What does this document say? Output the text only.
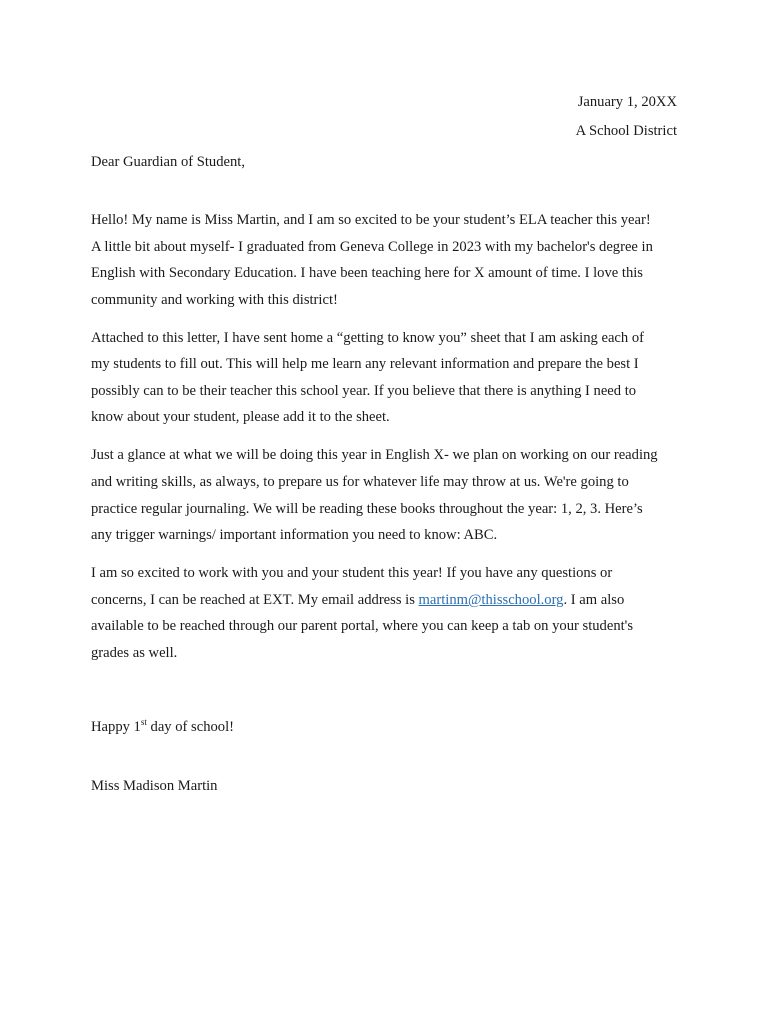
January 1, 20XX
A School District
Dear Guardian of Student,
Hello! My name is Miss Martin, and I am so excited to be your student’s ELA teacher this year!
A little bit about myself- I graduated from Geneva College in 2023 with my bachelor's degree in
English with Secondary Education. I have been teaching here for X amount of time. I love this
community and working with this district!
Attached to this letter, I have sent home a “getting to know you” sheet that I am asking each of
my students to fill out. This will help me learn any relevant information and prepare the best I
possibly can to be their teacher this school year. If you believe that there is anything I need to
know about your student, please add it to the sheet.
Just a glance at what we will be doing this year in English X- we plan on working on our reading
and writing skills, as always, to prepare us for whatever life may throw at us. We're going to
practice regular journaling. We will be reading these books throughout the year: 1, 2, 3. Here’s
any trigger warnings/ important information you need to know: ABC.
I am so excited to work with you and your student this year! If you have any questions or
concerns, I can be reached at EXT. My email address is martinm@thisschool.org. I am also
available to be reached through our parent portal, where you can keep a tab on your student's
grades as well.
Happy 1st day of school!
Miss Madison Martin
